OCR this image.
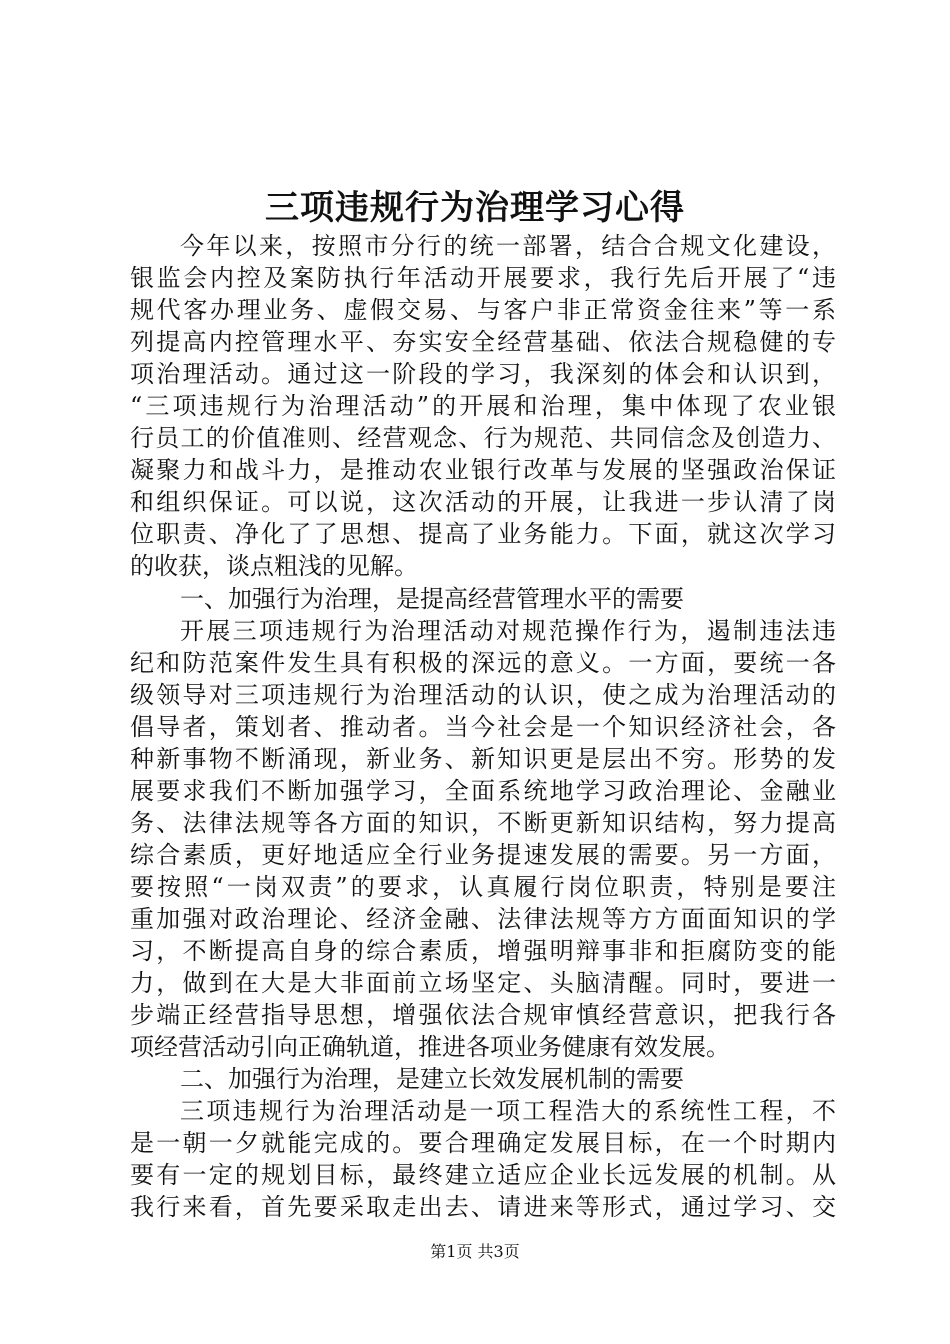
三项违规行为治理学习心得
今年以来，按照市分行的统一部署，结合合规文化建设，
银监会内控及案防执行年活动开展要求，我行先后开展了“违
规代客办理业务、虚假交易、与客户非正常资金往来”等一系
列提高内控管理水平、夯实安全经营基础、依法合规稳健的专
项治理活动。通过这一阶段的学习，我深刻的体会和认识到，
“三项违规行为治理活动”的开展和治理，集中体现了农业银
行员工的价值准则、经营观念、行为规范、共同信念及创造力、
凝聚力和战斗力，是推动农业银行改革与发展的坚强政治保证
和组织保证。可以说，这次活动的开展，让我进一步认清了岗
位职责、净化了了思想、提高了业务能力。下面，就这次学习
的收获，谈点粗浅的见解。
一、加强行为治理，是提高经营管理水平的需要
开展三项违规行为治理活动对规范操作行为，遏制违法违
纪和防范案件发生具有积极的深远的意义。一方面，要统一各
级领导对三项违规行为治理活动的认识，使之成为治理活动的
倡导者，策划者、推动者。当今社会是一个知识经济社会，各
种新事物不断涌现，新业务、新知识更是层出不穷。形势的发
展要求我们不断加强学习，全面系统地学习政治理论、金融业
务、法律法规等各方面的知识，不断更新知识结构，努力提高
综合素质，更好地适应全行业务提速发展的需要。另一方面，
要按照“一岗双责”的要求，认真履行岗位职责，特别是要注
重加强对政治理论、经济金融、法律法规等方方面面知识的学
习，不断提高自身的综合素质，增强明辩事非和拒腐防变的能
力，做到在大是大非面前立场坚定、头脑清醒。同时，要进一
步端正经营指导思想，增强依法合规审慎经营意识，把我行各
项经营活动引向正确轨道，推进各项业务健康有效发展。
二、加强行为治理，是建立长效发展机制的需要
三项违规行为治理活动是一项工程浩大的系统性工程，不
是一朝一夕就能完成的。要合理确定发展目标，在一个时期内
要有一定的规划目标，最终建立适应企业长远发展的机制。从
我行来看，首先要采取走出去、请进来等形式，通过学习、交
第1页 共3页
